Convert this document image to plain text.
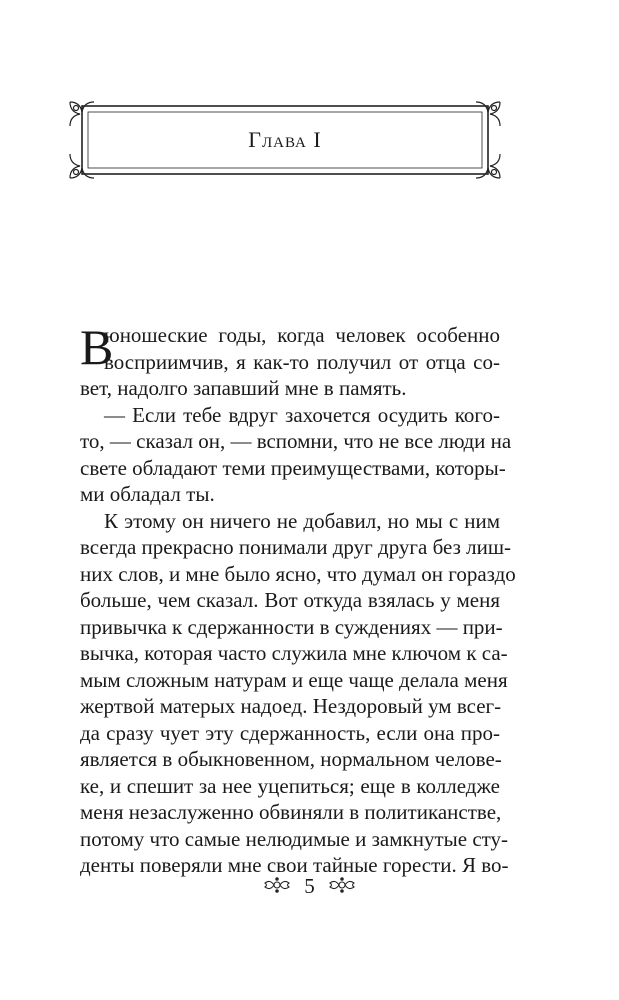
Глава I
В
юношеские годы, когда человек особенно
восприимчив, я как-то получил от отца со-
вет, надолго запавший мне в память.
— Если тебе вдруг захочется осудить кого-
то, — сказал он, — вспомни, что не все люди на
свете обладают теми преимуществами, которы-
ми обладал ты.
К этому он ничего не добавил, но мы с ним
всегда прекрасно понимали друг друга без лиш-
них слов, и мне было ясно, что думал он гораздо
больше, чем сказал. Вот откуда взялась у меня
привычка к сдержанности в суждениях — при-
вычка, которая часто служила мне ключом к са-
мым сложным натурам и еще чаще делала меня
жертвой матерых надоед. Нездоровый ум всег-
да сразу чует эту сдержанность, если она про-
является в обыкновенном, нормальном челове-
ке, и спешит за нее уцепиться; еще в колледже
меня незаслуженно обвиняли в политиканстве,
потому что самые нелюдимые и замкнутые сту-
денты поверяли мне свои тайные горести. Я во-
5
